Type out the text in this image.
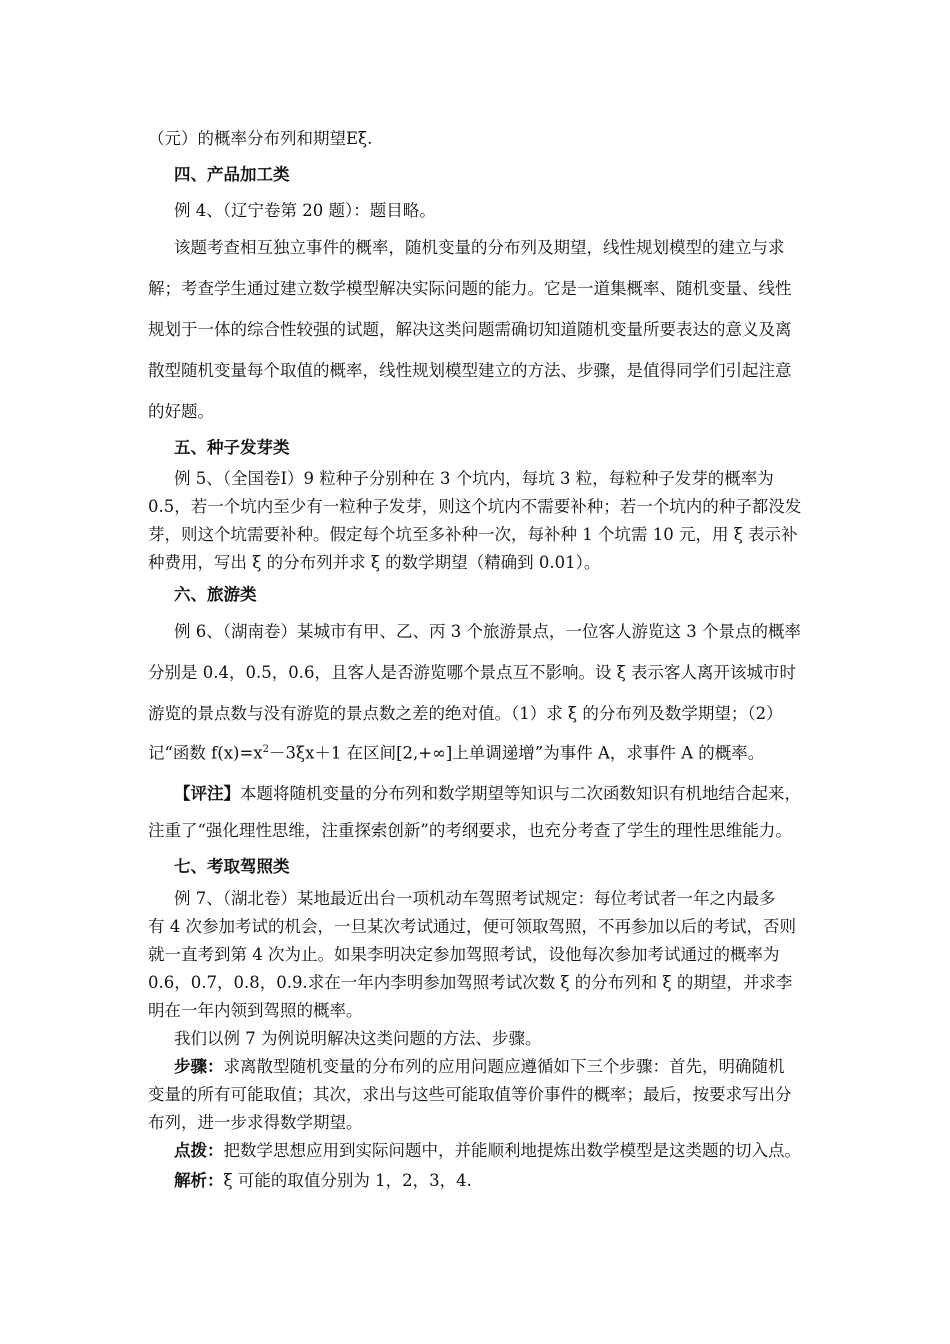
（元）的概率分布列和期望Eξ.
四、产品加工类
例 4、（辽宁卷第 20 题）：题目略。
该题考查相互独立事件的概率，随机变量的分布列及期望，线性规划模型的建立与求
解；考查学生通过建立数学模型解决实际问题的能力。它是一道集概率、随机变量、线性
规划于一体的综合性较强的试题，解决这类问题需确切知道随机变量所要表达的意义及离
散型随机变量每个取值的概率，线性规划模型建立的方法、步骤，是值得同学们引起注意
的好题。
五、种子发芽类
例 5、（全国卷Ⅰ）9 粒种子分别种在 3 个坑内，每坑 3 粒，每粒种子发芽的概率为
0.5，若一个坑内至少有一粒种子发芽，则这个坑内不需要补种；若一个坑内的种子都没发
芽，则这个坑需要补种。假定每个坑至多补种一次，每补种 1 个坑需 10 元，用 ξ 表示补
种费用，写出 ξ 的分布列并求 ξ 的数学期望（精确到 0.01）。
六、旅游类
例 6、（湖南卷）某城市有甲、乙、丙 3 个旅游景点，一位客人游览这 3 个景点的概率
分别是 0.4，0.5，0.6，且客人是否游览哪个景点互不影响。设 ξ 表示客人离开该城市时
游览的景点数与没有游览的景点数之差的绝对值。（1）求 ξ 的分布列及数学期望；（2）
记“函数 $f(x)=x^2-3\xi x+1$ 在区间[2,+∞]上单调递增”为事件 A，求事件 A 的概率。
【评注】本题将随机变量的分布列和数学期望等知识与二次函数知识有机地结合起来，
注重了“强化理性思维，注重探索创新”的考纲要求，也充分考查了学生的理性思维能力。
七、考取驾照类
例 7、（湖北卷）某地最近出台一项机动车驾照考试规定：每位考试者一年之内最多
有 4 次参加考试的机会，一旦某次考试通过，便可领取驾照，不再参加以后的考试，否则
就一直考到第 4 次为止。如果李明决定参加驾照考试，设他每次参加考试通过的概率为
0.6，0.7，0.8，0.9.求在一年内李明参加驾照考试次数 ξ 的分布列和 ξ 的期望，并求李
明在一年内领到驾照的概率。
我们以例 7 为例说明解决这类问题的方法、步骤。
步骤：求离散型随机变量的分布列的应用问题应遵循如下三个步骤：首先，明确随机
变量的所有可能取值；其次，求出与这些可能取值等价事件的概率；最后，按要求写出分
布列，进一步求得数学期望。
点拨：把数学思想应用到实际问题中，并能顺利地提炼出数学模型是这类题的切入点。
解析：ξ 可能的取值分别为 1，2，3，4.
